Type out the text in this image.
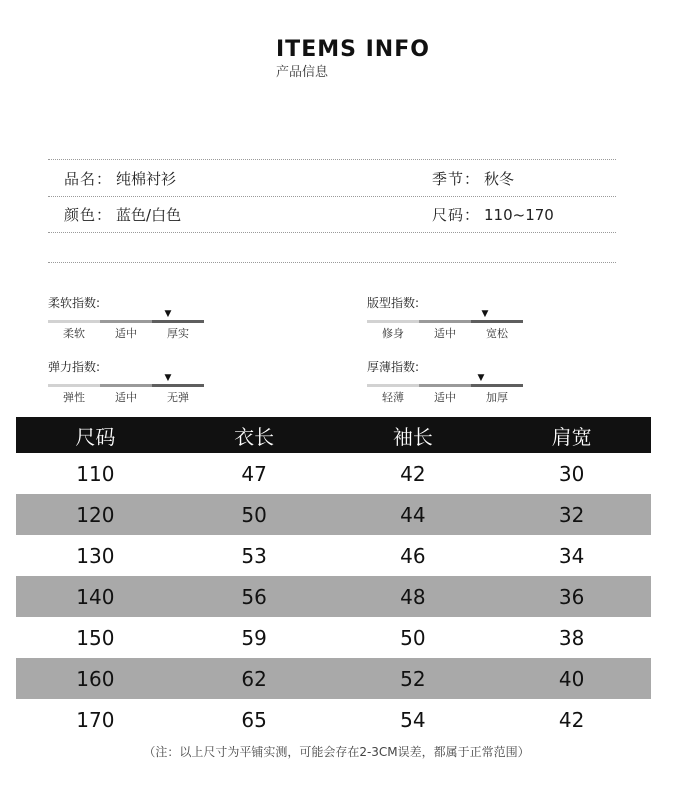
ITEMS INFO
产品信息
品名： 纯棉衬衫	季节： 秋冬
颜色： 蓝色/白色	尺码： 110~170
柔软指数:
▼
柔软	适中	厚实
版型指数:
▼
修身	适中	宽松
弹力指数:
▼
弹性	适中	无弹
厚薄指数:
▼
轻薄	适中	加厚
尺码	衣长	袖长	肩宽
110	47	42	30
120	50	44	32
130	53	46	34
140	56	48	36
150	59	50	38
160	62	52	40
170	65	54	42
（注：以上尺寸为平铺实测，可能会存在2-3CM误差，都属于正常范围）
